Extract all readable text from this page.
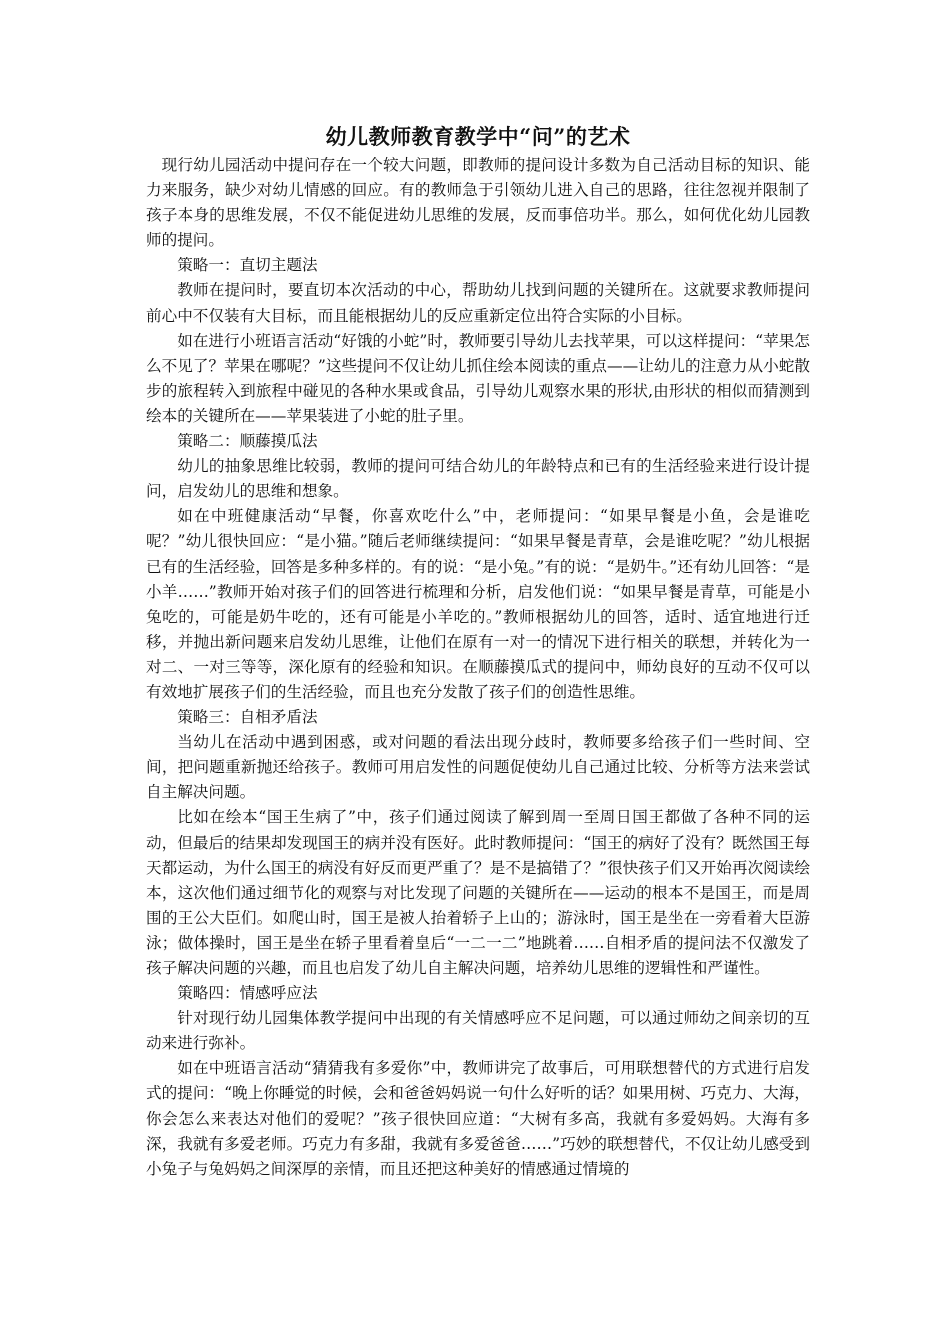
幼儿教师教育教学中“问”的艺术

现行幼儿园活动中提问存在一个较大问题，即教师的提问设计多数为自己活动目标的知识、能力来服务，缺少对幼儿情感的回应。有的教师急于引领幼儿进入自己的思路，往往忽视并限制了孩子本身的思维发展，不仅不能促进幼儿思维的发展，反而事倍功半。那么，如何优化幼儿园教师的提问。

策略一：直切主题法

教师在提问时，要直切本次活动的中心，帮助幼儿找到问题的关键所在。这就要求教师提问前心中不仅装有大目标，而且能根据幼儿的反应重新定位出符合实际的小目标。

如在进行小班语言活动“好饿的小蛇”时，教师要引导幼儿去找苹果，可以这样提问：“苹果怎么不见了？苹果在哪呢？”这些提问不仅让幼儿抓住绘本阅读的重点——让幼儿的注意力从小蛇散步的旅程转入到旅程中碰见的各种水果或食品，引导幼儿观察水果的形状,由形状的相似而猜测到绘本的关键所在——苹果装进了小蛇的肚子里。

策略二：顺藤摸瓜法

幼儿的抽象思维比较弱，教师的提问可结合幼儿的年龄特点和已有的生活经验来进行设计提问，启发幼儿的思维和想象。

如在中班健康活动“早餐，你喜欢吃什么”中，老师提问：“如果早餐是小鱼，会是谁吃呢？”幼儿很快回应：“是小猫。”随后老师继续提问：“如果早餐是青草，会是谁吃呢？”幼儿根据已有的生活经验，回答是多种多样的。有的说：“是小兔。”有的说：“是奶牛。”还有幼儿回答：“是小羊……”教师开始对孩子们的回答进行梳理和分析，启发他们说：“如果早餐是青草，可能是小兔吃的，可能是奶牛吃的，还有可能是小羊吃的。”教师根据幼儿的回答，适时、适宜地进行迁移，并抛出新问题来启发幼儿思维，让他们在原有一对一的情况下进行相关的联想，并转化为一对二、一对三等等，深化原有的经验和知识。在顺藤摸瓜式的提问中，师幼良好的互动不仅可以有效地扩展孩子们的生活经验，而且也充分发散了孩子们的创造性思维。

策略三：自相矛盾法

当幼儿在活动中遇到困惑，或对问题的看法出现分歧时，教师要多给孩子们一些时间、空间，把问题重新抛还给孩子。教师可用启发性的问题促使幼儿自己通过比较、分析等方法来尝试自主解决问题。

比如在绘本“国王生病了”中，孩子们通过阅读了解到周一至周日国王都做了各种不同的运动，但最后的结果却发现国王的病并没有医好。此时教师提问：“国王的病好了没有？既然国王每天都运动，为什么国王的病没有好反而更严重了？是不是搞错了？”很快孩子们又开始再次阅读绘本，这次他们通过细节化的观察与对比发现了问题的关键所在——运动的根本不是国王，而是周围的王公大臣们。如爬山时，国王是被人抬着轿子上山的；游泳时，国王是坐在一旁看着大臣游泳；做体操时，国王是坐在轿子里看着皇后“一二一二”地跳着……自相矛盾的提问法不仅激发了孩子解决问题的兴趣，而且也启发了幼儿自主解决问题，培养幼儿思维的逻辑性和严谨性。

策略四：情感呼应法

针对现行幼儿园集体教学提问中出现的有关情感呼应不足问题，可以通过师幼之间亲切的互动来进行弥补。

如在中班语言活动“猜猜我有多爱你”中，教师讲完了故事后，可用联想替代的方式进行启发式的提问：“晚上你睡觉的时候，会和爸爸妈妈说一句什么好听的话？如果用树、巧克力、大海，你会怎么来表达对他们的爱呢？”孩子很快回应道：“大树有多高，我就有多爱妈妈。大海有多深，我就有多爱老师。巧克力有多甜，我就有多爱爸爸……”巧妙的联想替代，不仅让幼儿感受到小兔子与兔妈妈之间深厚的亲情，而且还把这种美好的情感通过情境的
